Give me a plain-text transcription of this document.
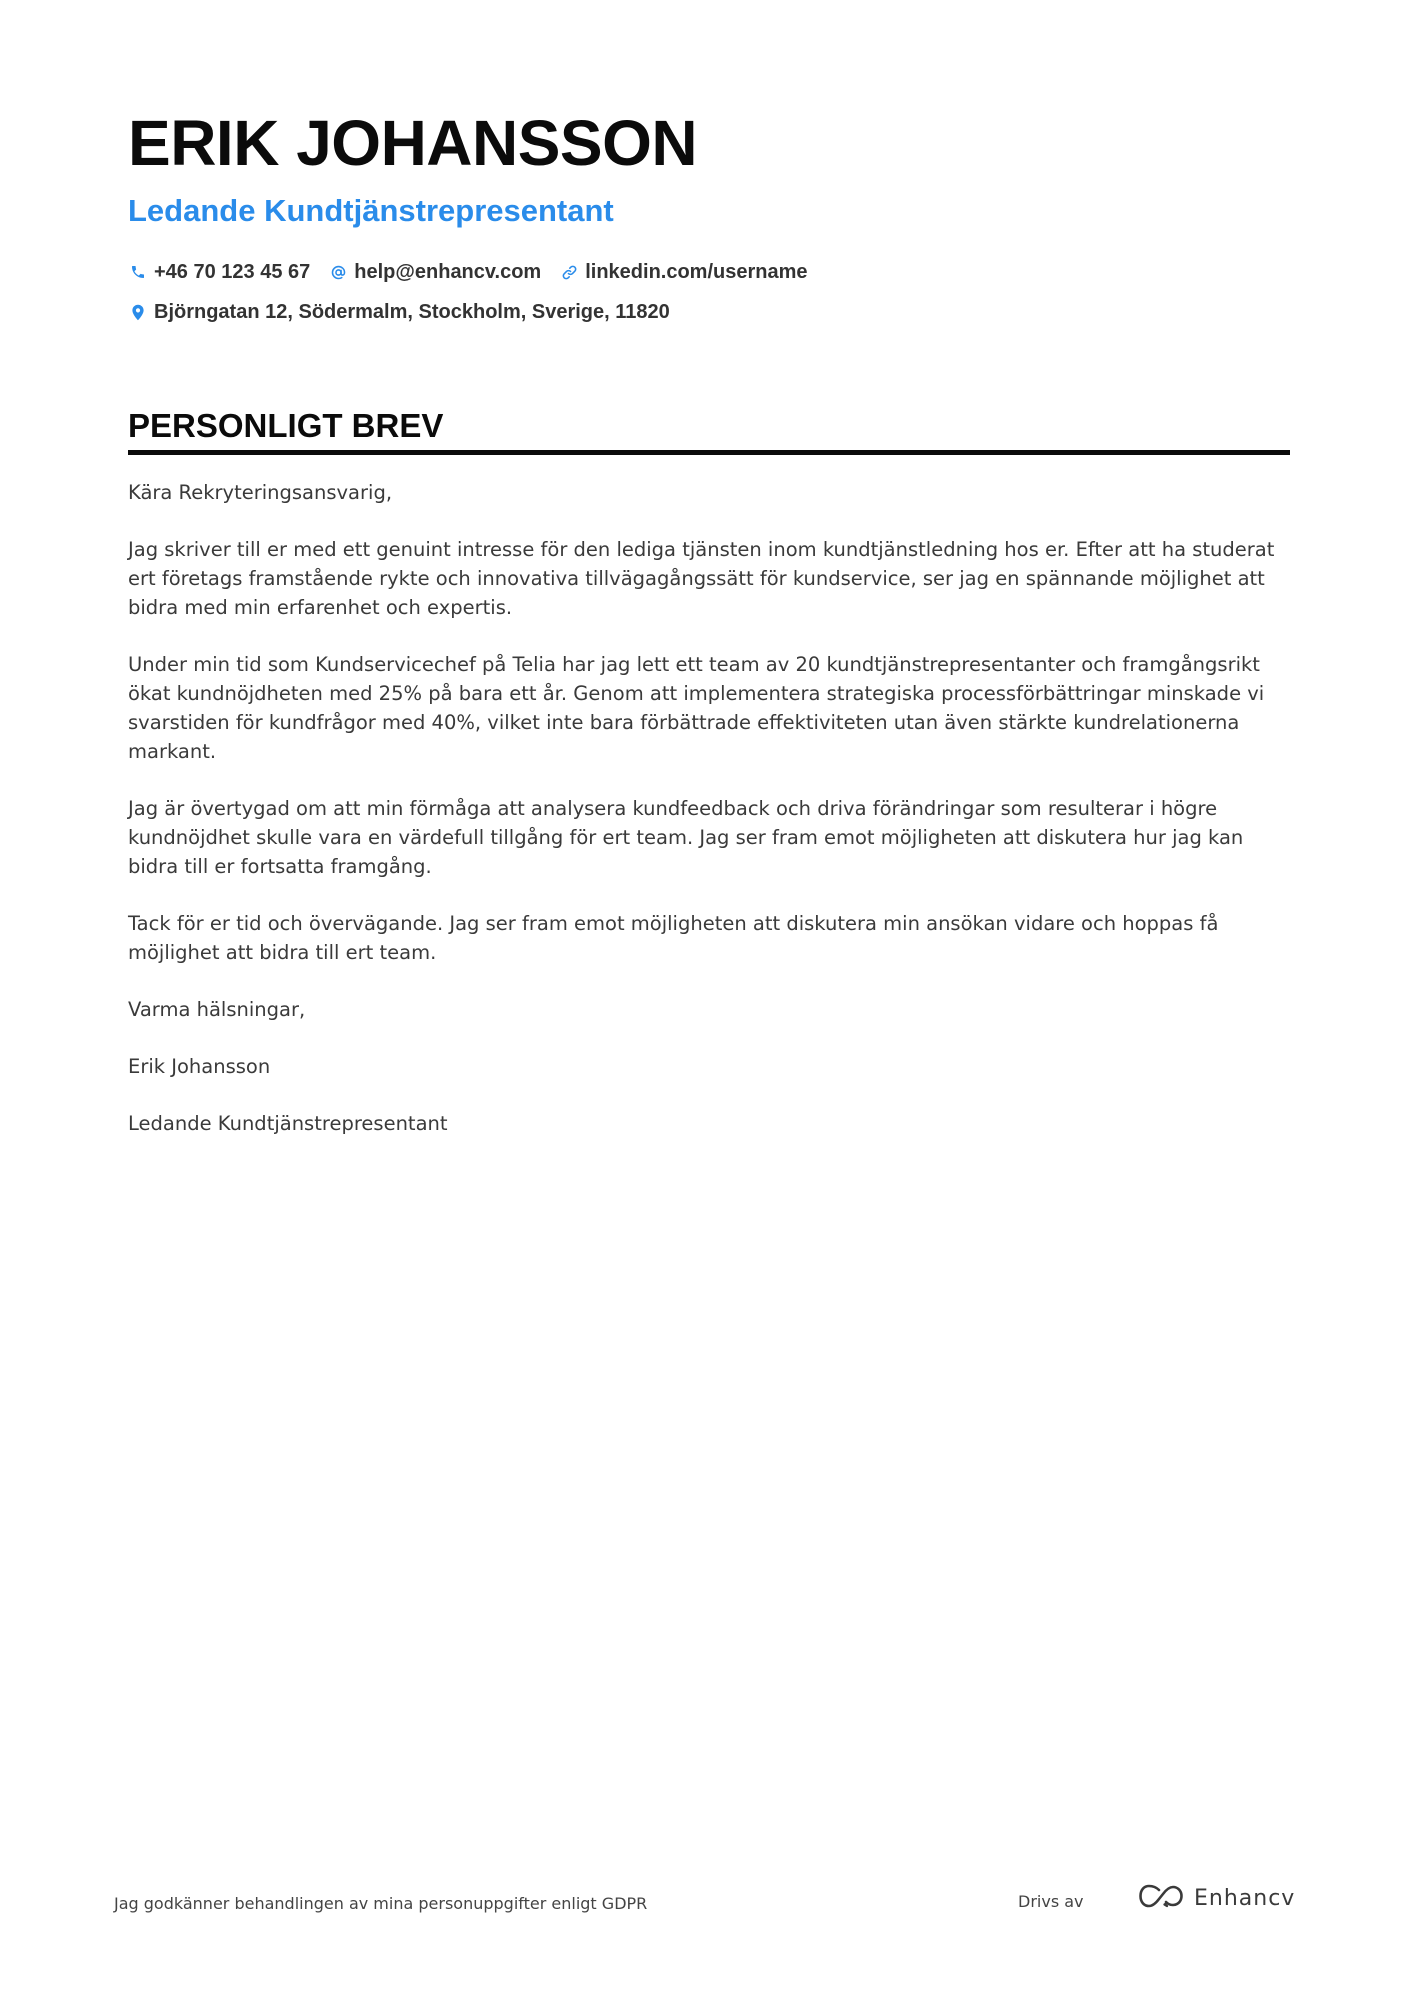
ERIK JOHANSSON
Ledande Kundtjänstrepresentant
+46 70 123 45 67 help@enhancv.com linkedin.com/username
Björngatan 12, Södermalm, Stockholm, Sverige, 11820
PERSONLIGT BREV

Kära Rekryteringsansvarig,

Jag skriver till er med ett genuint intresse för den lediga tjänsten inom kundtjänstledning hos er. Efter att ha studerat ert företags framstående rykte och innovativa tillvägagångssätt för kundservice, ser jag en spännande möjlighet att bidra med min erfarenhet och expertis.

Under min tid som Kundservicechef på Telia har jag lett ett team av 20 kundtjänstrepresentanter och framgångsrikt ökat kundnöjdheten med 25% på bara ett år. Genom att implementera strategiska processförbättringar minskade vi svarstiden för kundfrågor med 40%, vilket inte bara förbättrade effektiviteten utan även stärkte kundrelationerna markant.

Jag är övertygad om att min förmåga att analysera kundfeedback och driva förändringar som resulterar i högre kundnöjdhet skulle vara en värdefull tillgång för ert team. Jag ser fram emot möjligheten att diskutera hur jag kan bidra till er fortsatta framgång.

Tack för er tid och övervägande. Jag ser fram emot möjligheten att diskutera min ansökan vidare och hoppas få möjlighet att bidra till ert team.

Varma hälsningar,

Erik Johansson

Ledande Kundtjänstrepresentant

Jag godkänner behandlingen av mina personuppgifter enligt GDPR	Drivs av	Enhancv
